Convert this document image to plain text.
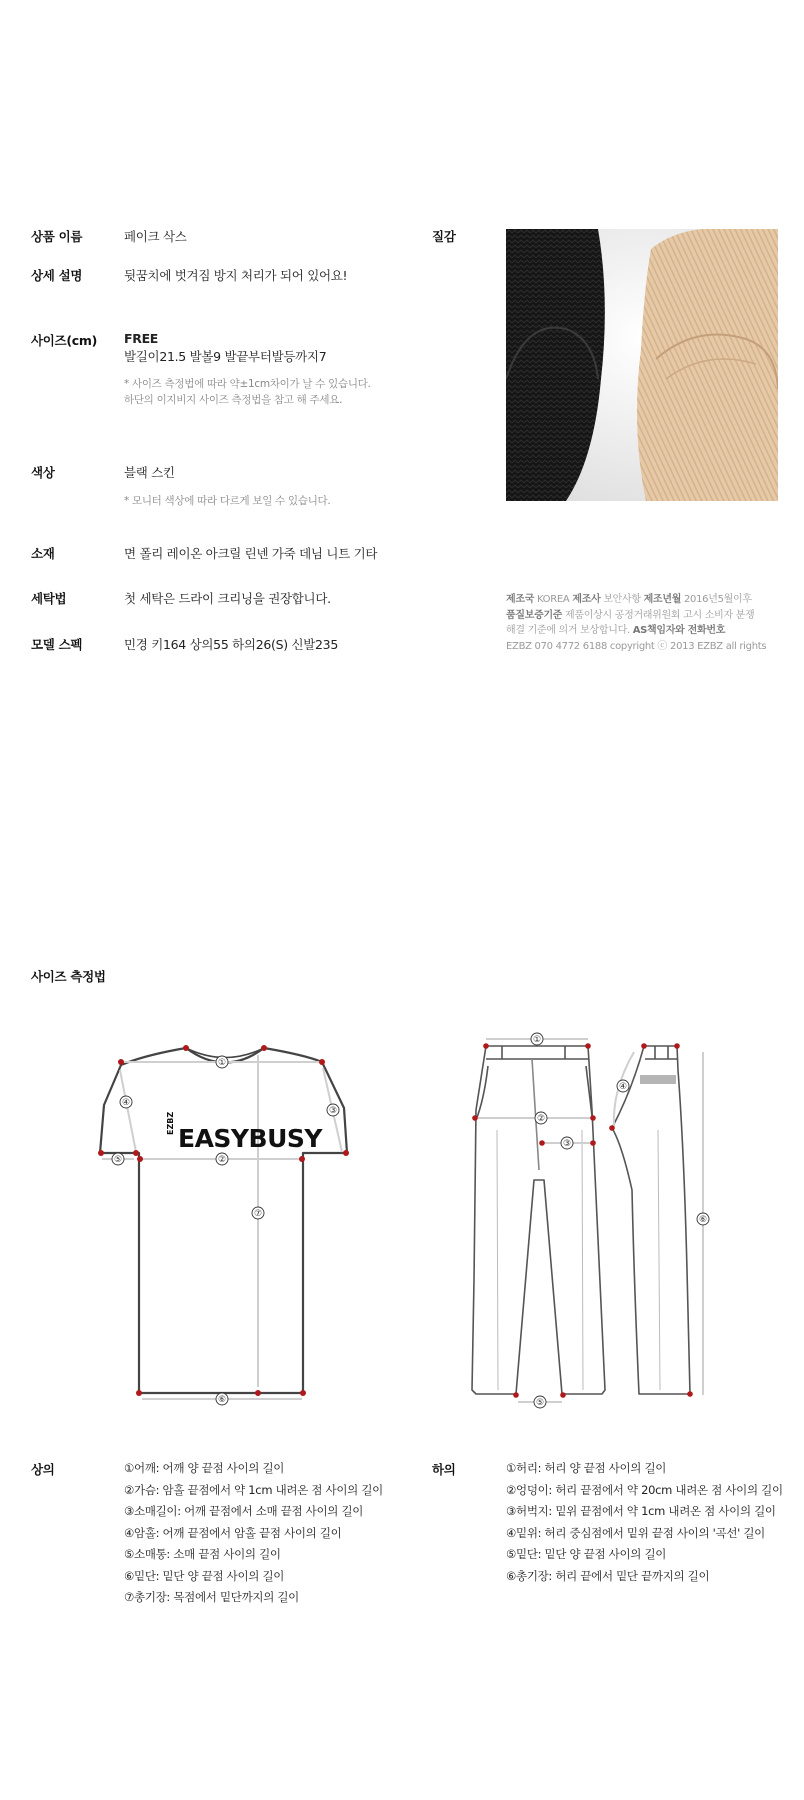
상품 이름	페이크 삭스
상세 설명	뒷꿈치에 벗겨짐 방지 처리가 되어 있어요!
사이즈(cm) FREE
발길이21.5 발볼9 발끝부터발등까지7
* 사이즈 측정법에 따라 약±1cm차이가 날 수 있습니다.
하단의 이지비지 사이즈 측정법을 참고 해 주세요.
색상	블랙 스킨
* 모니터 색상에 따라 다르게 보일 수 있습니다.
소재	면 폴리 레이온 아크릴 린넨 가죽 데님 니트 기타
세탁법	첫 세탁은 드라이 크리닝을 권장합니다.
모델 스펙	민경 키164 상의55 하의26(S) 신발235
질감
제조국 KOREA 제조사 보안사항 제조년월 2016년5월이후
품질보증기준 제품이상시 공정거래위원회 고시 소비자 분쟁
해결 기준에 의거 보상합니다. AS책임자와 전화번호
EZBZ 070 4772 6188 copyright ⓒ 2013 EZBZ all rights
사이즈 측정법
①
④
③
⑤	②
⑦
⑥
EZBZ
EASYBUSY
①
②
③
⑤
④
⑥
상의	①어깨: 어깨 양 끝점 사이의 길이
②가슴: 암홀 끝점에서 약 1cm 내려온 점 사이의 길이
③소매길이: 어깨 끝점에서 소매 끝점 사이의 길이
④암홀: 어깨 끝점에서 암홀 끝점 사이의 길이
⑤소매통: 소매 끝점 사이의 길이
⑥밑단: 밑단 양 끝점 사이의 길이
⑦총기장: 목점에서 밑단까지의 길이
하의	①허리: 허리 양 끝점 사이의 길이
②엉덩이: 허리 끝점에서 약 20cm 내려온 점 사이의 길이
③허벅지: 밑위 끝점에서 약 1cm 내려온 점 사이의 길이
④밑위: 허리 중심점에서 밑위 끝점 사이의 '곡선' 길이
⑤밑단: 밑단 양 끝점 사이의 길이
⑥총기장: 허리 끝에서 밑단 끝까지의 길이
